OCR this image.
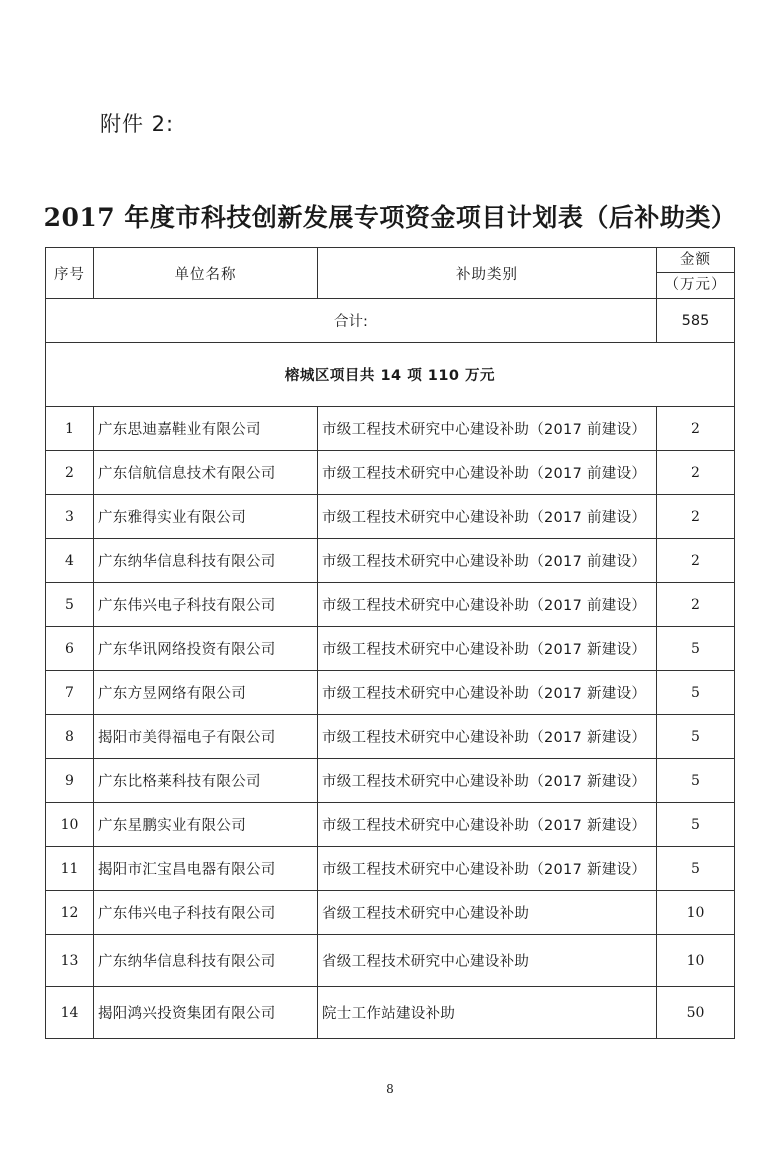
附件 2:
2017 年度市科技创新发展专项资金项目计划表（后补助类）
序号	单位名称	补助类别	金额
（万元）

合计:			585
榕城区项目共 14 项 110 万元			
1	广东思迪嘉鞋业有限公司	市级工程技术研究中心建设补助（2017 前建设）	2
2	广东信航信息技术有限公司	市级工程技术研究中心建设补助（2017 前建设）	2
3	广东雅得实业有限公司	市级工程技术研究中心建设补助（2017 前建设）	2
4	广东纳华信息科技有限公司	市级工程技术研究中心建设补助（2017 前建设）	2
5	广东伟兴电子科技有限公司	市级工程技术研究中心建设补助（2017 前建设）	2
6	广东华讯网络投资有限公司	市级工程技术研究中心建设补助（2017 新建设）	5
7	广东方昱网络有限公司	市级工程技术研究中心建设补助（2017 新建设）	5
8	揭阳市美得福电子有限公司	市级工程技术研究中心建设补助（2017 新建设）	5
9	广东比格莱科技有限公司	市级工程技术研究中心建设补助（2017 新建设）	5
10	广东星鹏实业有限公司	市级工程技术研究中心建设补助（2017 新建设）	5
11	揭阳市汇宝昌电器有限公司	市级工程技术研究中心建设补助（2017 新建设）	5
12	广东伟兴电子科技有限公司	省级工程技术研究中心建设补助	10
13	广东纳华信息科技有限公司	省级工程技术研究中心建设补助	10
14	揭阳鸿兴投资集团有限公司	院士工作站建设补助	50
8
